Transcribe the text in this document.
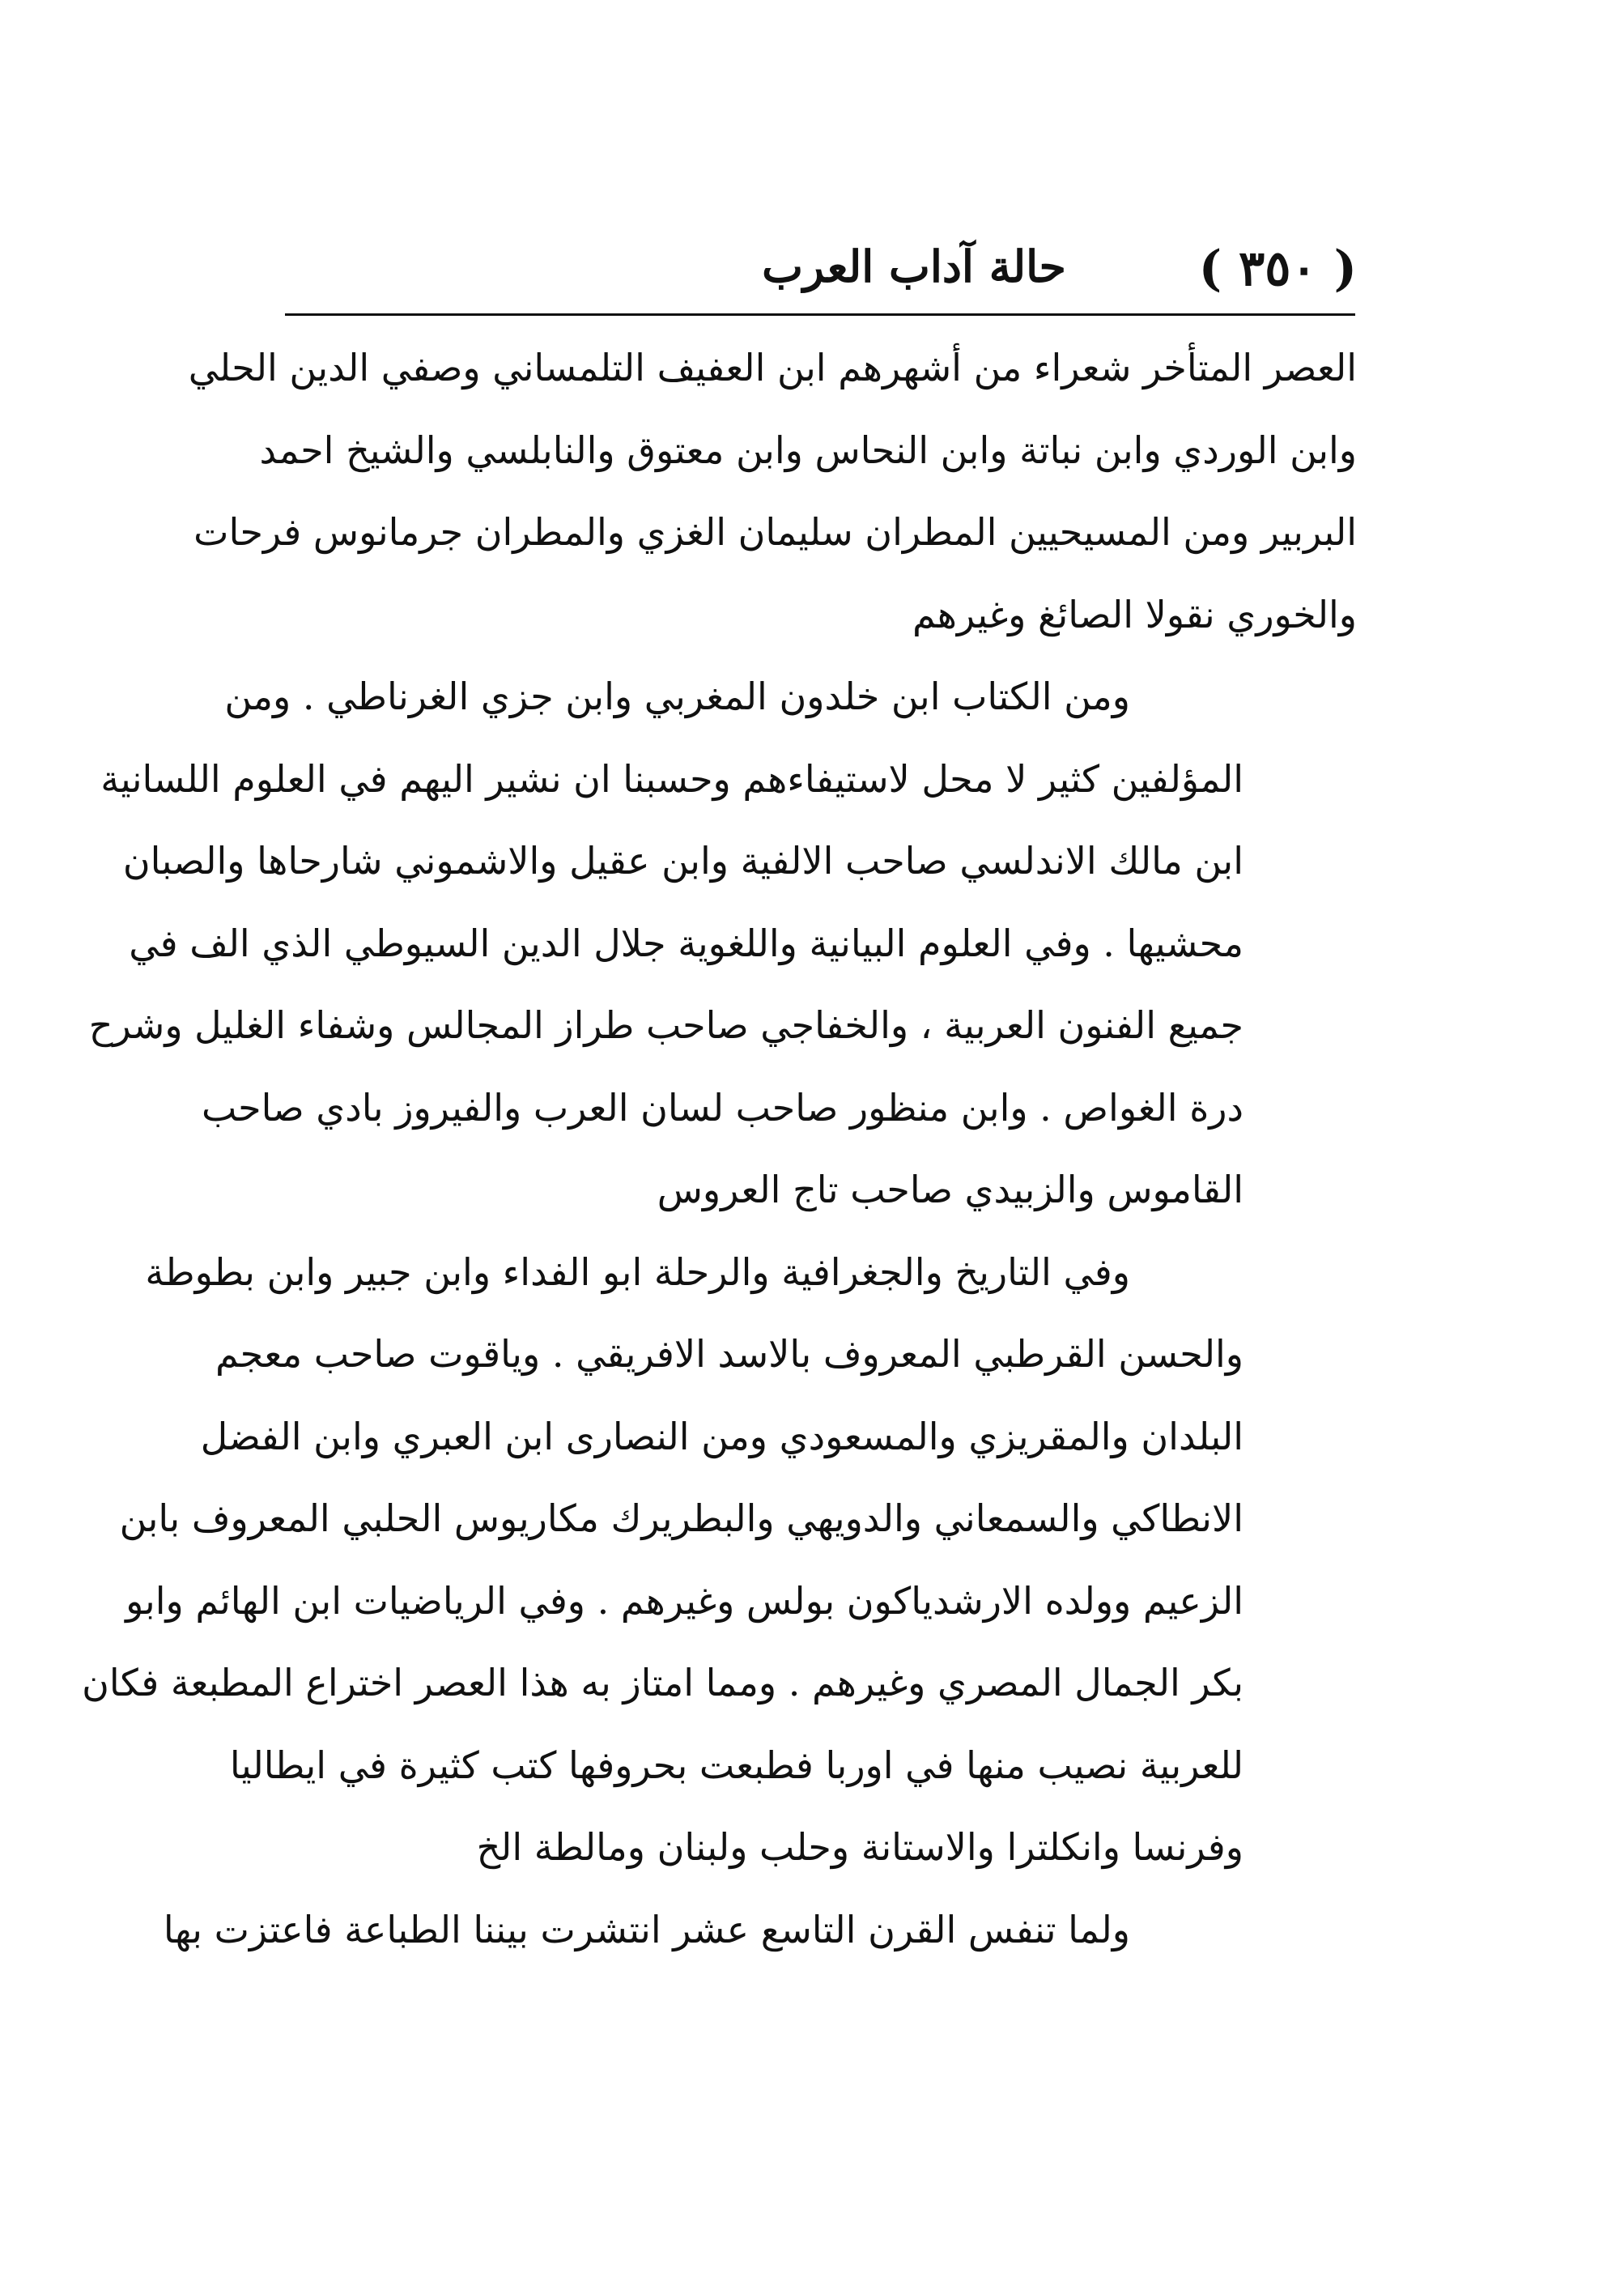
( ٣٥٠ )
حالة آداب العرب

العصر المتأخر شعراء من أشهرهم ابن العفيف التلمساني وصفي الدين الحلي
وابن الوردي وابن نباتة وابن النحاس وابن معتوق والنابلسي والشيخ احمد
البربير ومن المسيحيين المطران سليمان الغزي والمطران جرمانوس فرحات
والخوري نقولا الصائغ وغيرهم

ومن الكتاب ابن خلدون المغربي وابن جزي الغرناطي . ومن
المؤلفين كثير لا محل لاستيفاءهم وحسبنا ان نشير اليهم في العلوم اللسانية
ابن مالك الاندلسي صاحب الالفية وابن عقيل والاشموني شارحاها والصبان
محشيها . وفي العلوم البيانية واللغوية جلال الدين السيوطي الذي الف في
جميع الفنون العربية ، والخفاجي صاحب طراز المجالس وشفاء الغليل وشرح
درة الغواص . وابن منظور صاحب لسان العرب والفيروز بادي صاحب
القاموس والزبيدي صاحب تاج العروس

وفي التاريخ والجغرافية والرحلة ابو الفداء وابن جبير وابن بطوطة
والحسن القرطبي المعروف بالاسد الافريقي . وياقوت صاحب معجم
البلدان والمقريزي والمسعودي ومن النصارى ابن العبري وابن الفضل
الانطاكي والسمعاني والدويهي والبطريرك مكاريوس الحلبي المعروف بابن
الزعيم وولده الارشدياكون بولس وغيرهم . وفي الرياضيات ابن الهائم وابو
بكر الجمال المصري وغيرهم . ومما امتاز به هذا العصر اختراع المطبعة فكان
للعربية نصيب منها في اوربا فطبعت بحروفها كتب كثيرة في ايطاليا
وفرنسا وانكلترا والاستانة وحلب ولبنان ومالطة الخ

ولما تنفس القرن التاسع عشر انتشرت بيننا الطباعة فاعتزت بها
